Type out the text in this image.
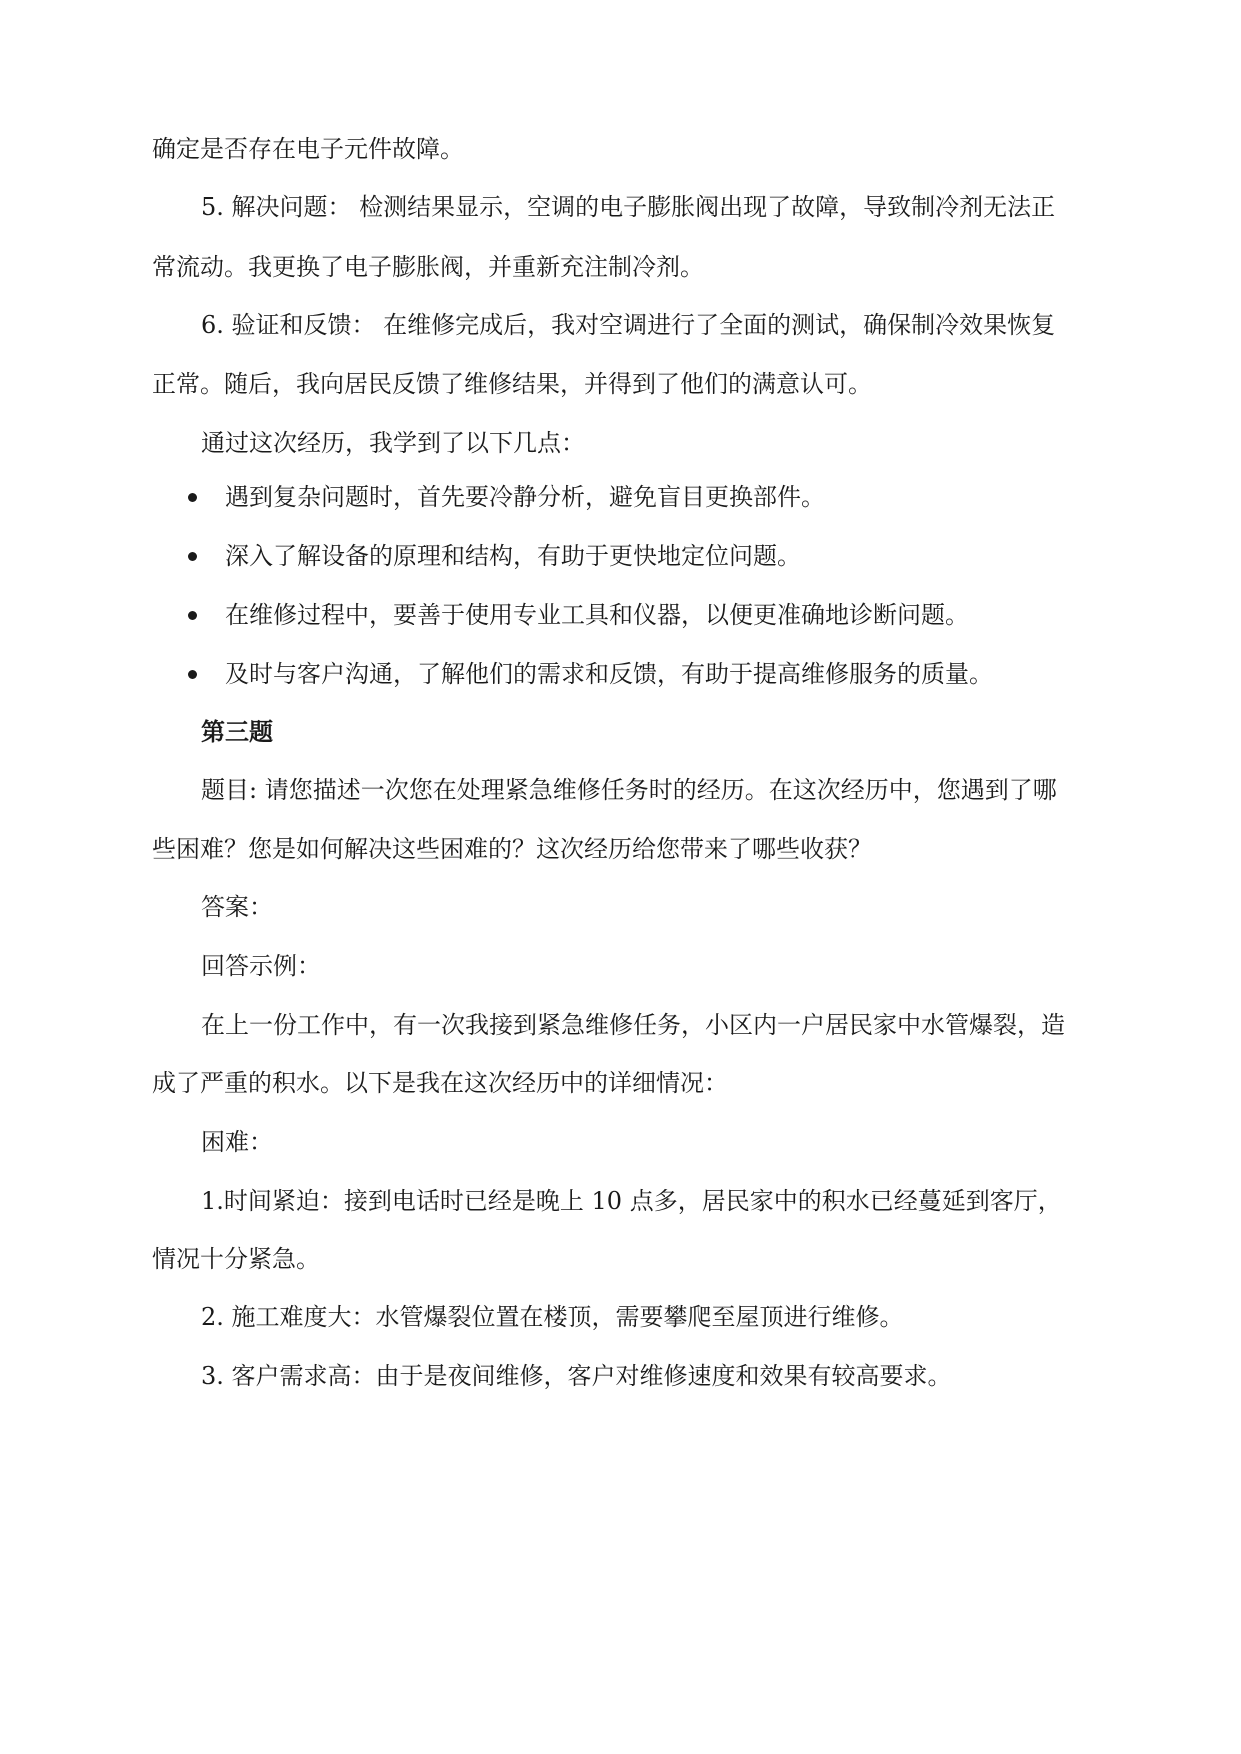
确定是否存在电子元件故障。
5. 解决问题： 检测结果显示，空调的电子膨胀阀出现了故障，导致制冷剂无法正
常流动。我更换了电子膨胀阀，并重新充注制冷剂。
6. 验证和反馈： 在维修完成后，我对空调进行了全面的测试，确保制冷效果恢复
正常。随后，我向居民反馈了维修结果，并得到了他们的满意认可。
通过这次经历，我学到了以下几点：
遇到复杂问题时，首先要冷静分析，避免盲目更换部件。
深入了解设备的原理和结构，有助于更快地定位问题。
在维修过程中，要善于使用专业工具和仪器，以便更准确地诊断问题。
及时与客户沟通，了解他们的需求和反馈，有助于提高维修服务的质量。
第三题
题目: 请您描述一次您在处理紧急维修任务时的经历。在这次经历中，您遇到了哪
些困难？您是如何解决这些困难的？这次经历给您带来了哪些收获？
答案：
回答示例：
在上一份工作中，有一次我接到紧急维修任务，小区内一户居民家中水管爆裂，造
成了严重的积水。以下是我在这次经历中的详细情况：
困难：
1.时间紧迫：接到电话时已经是晚上 10 点多，居民家中的积水已经蔓延到客厅，
情况十分紧急。
2. 施工难度大：水管爆裂位置在楼顶，需要攀爬至屋顶进行维修。
3. 客户需求高：由于是夜间维修，客户对维修速度和效果有较高要求。
